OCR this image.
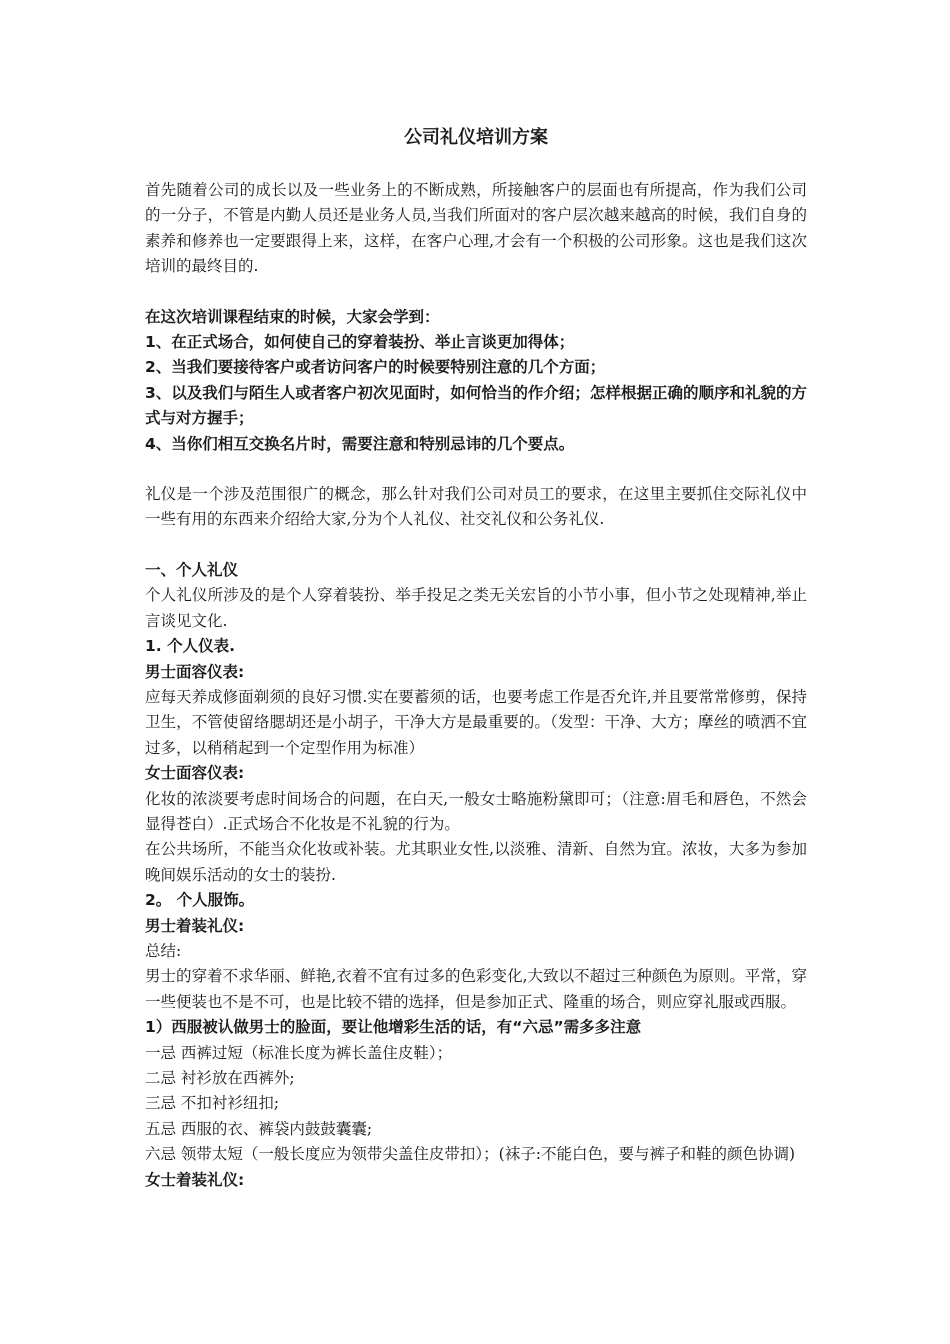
公司礼仪培训方案

首先随着公司的成长以及一些业务上的不断成熟，所接触客户的层面也有所提高，作为我们公司的一分子，不管是内勤人员还是业务人员,当我们所面对的客户层次越来越高的时候，我们自身的素养和修养也一定要跟得上来，这样，在客户心理,才会有一个积极的公司形象。这也是我们这次培训的最终目的.

在这次培训课程结束的时候，大家会学到：

1、在正式场合，如何使自己的穿着装扮、举止言谈更加得体；

2、当我们要接待客户或者访问客户的时候要特别注意的几个方面；

3、以及我们与陌生人或者客户初次见面时，如何恰当的作介绍；怎样根据正确的顺序和礼貌的方式与对方握手；

4、当你们相互交换名片时，需要注意和特别忌讳的几个要点。

礼仪是一个涉及范围很广的概念，那么针对我们公司对员工的要求，在这里主要抓住交际礼仪中一些有用的东西来介绍给大家,分为个人礼仪、社交礼仪和公务礼仪.

一、个人礼仪

个人礼仪所涉及的是个人穿着装扮、举手投足之类无关宏旨的小节小事，但小节之处现精神,举止言谈见文化.

1. 个人仪表.

男士面容仪表:

应每天养成修面剃须的良好习惯.实在要蓄须的话，也要考虑工作是否允许,并且要常常修剪，保持卫生，不管使留络腮胡还是小胡子，干净大方是最重要的。（发型：干净、大方；摩丝的喷洒不宜过多，以稍稍起到一个定型作用为标准）

女士面容仪表:

化妆的浓淡要考虑时间场合的问题，在白天,一般女士略施粉黛即可；（注意:眉毛和唇色，不然会显得苍白）.正式场合不化妆是不礼貌的行为。

在公共场所，不能当众化妆或补装。尤其职业女性,以淡雅、清新、自然为宜。浓妆，大多为参加晚间娱乐活动的女士的装扮.

2。 个人服饰。

男士着装礼仪:

总结:

男士的穿着不求华丽、鲜艳,衣着不宜有过多的色彩变化,大致以不超过三种颜色为原则。平常，穿一些便装也不是不可，也是比较不错的选择，但是参加正式、隆重的场合，则应穿礼服或西服。

1）西服被认做男士的脸面，要让他增彩生活的话，有“六忌”需多多注意

一忌 西裤过短（标准长度为裤长盖住皮鞋）；

二忌 衬衫放在西裤外;

三忌 不扣衬衫纽扣;

五忌 西服的衣、裤袋内鼓鼓囊囊;

六忌 领带太短（一般长度应为领带尖盖住皮带扣）；(袜子:不能白色，要与裤子和鞋的颜色协调)

女士着装礼仪:
